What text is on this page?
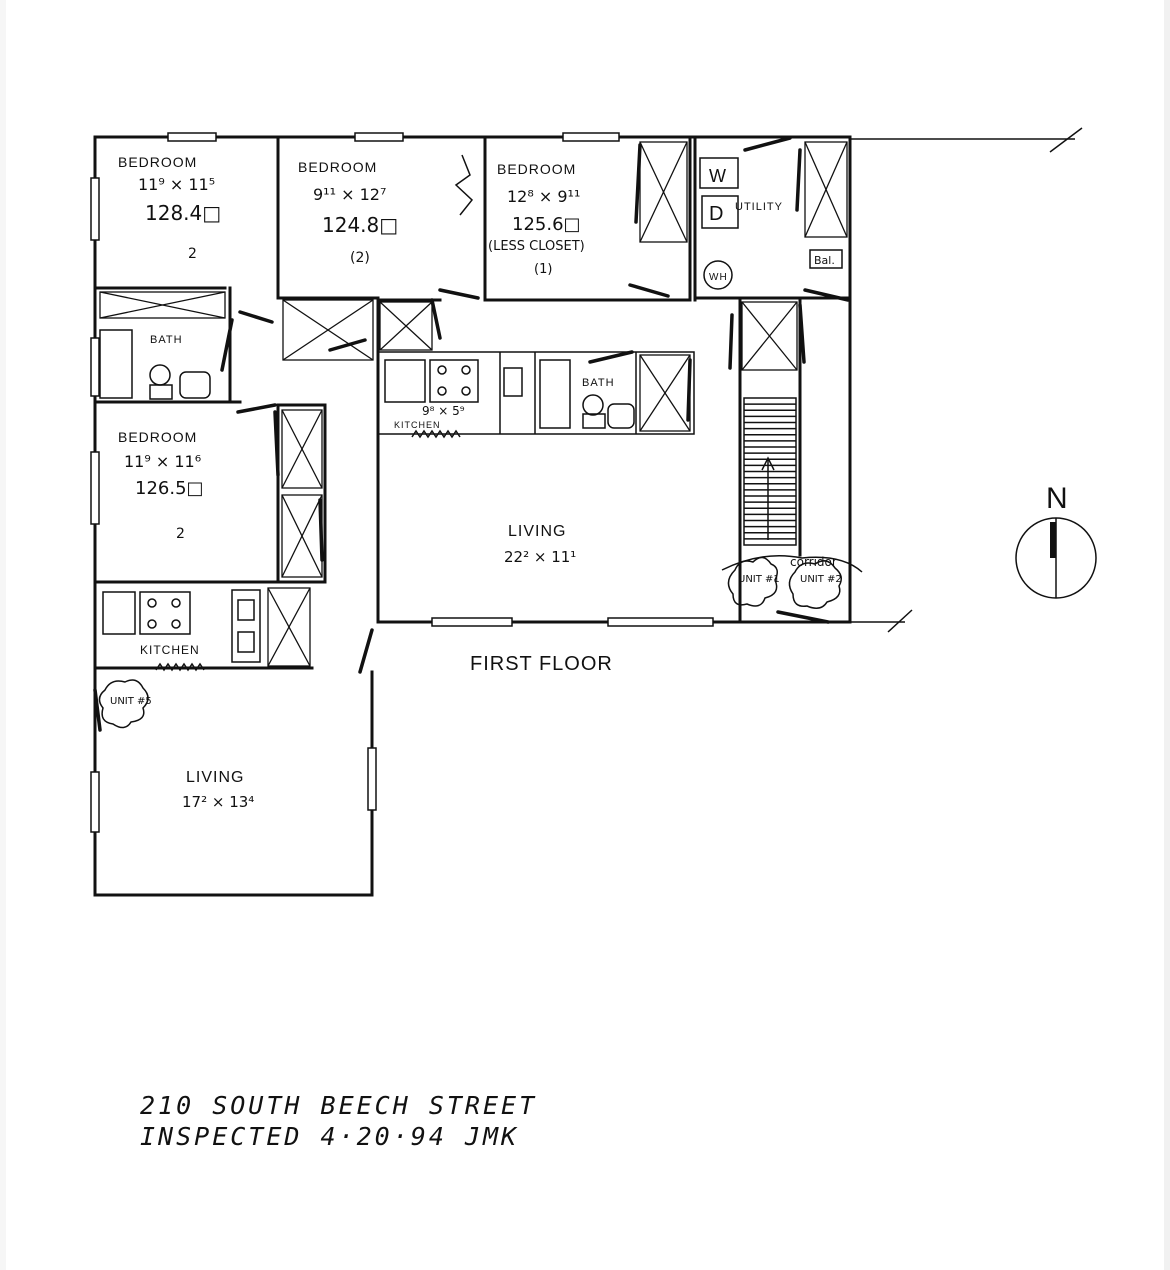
N
BEDROOM
11⁹ × 11⁵
128.4□
2
BEDROOM
9¹¹ × 12⁷
124.8□
(2)
BEDROOM
12⁸ × 9¹¹
125.6□
(LESS CLOSET)
(1)
W
D UTILITY
WH
Bal.
BATH
BATH
BEDROOM
11⁹ × 11⁶
126.5□
2
9⁸ × 5⁹
KITCHEN
LIVING
22² × 11¹
KITCHEN
LIVING
17² × 13⁴
UNIT #1 UNIT #2
UNIT #5
corridor
FIRST FLOOR
210 SOUTH BEECH STREET
INSPECTED 4·20·94 JMK
